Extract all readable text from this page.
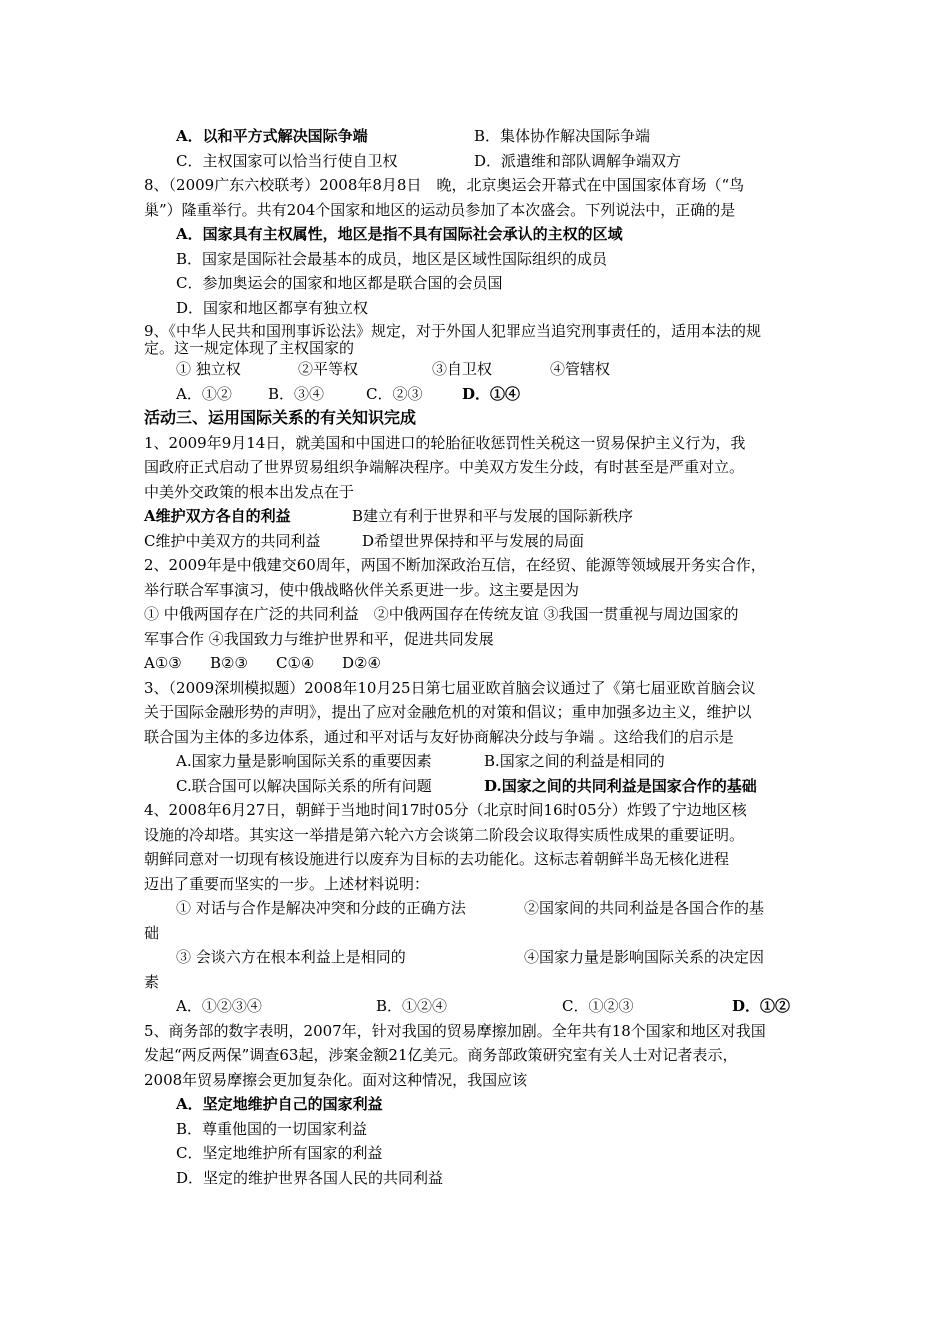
A．以和平方式解决国际争端	B．集体协作解决国际争端
C．主权国家可以恰当行使自卫权	D．派遣维和部队调解争端双方
8、（2009广东六校联考）2008年8月8日　晚，北京奥运会开幕式在中国国家体育场（“鸟
巢”）隆重举行。共有204个国家和地区的运动员参加了本次盛会。下列说法中，正确的是
A．国家具有主权属性，地区是指不具有国际社会承认的主权的区域
B．国家是国际社会最基本的成员，地区是区域性国际组织的成员
C．参加奥运会的国家和地区都是联合国的会员国
D．国家和地区都享有独立权
9、《中华人民共和国刑事诉讼法》规定，对于外国人犯罪应当追究刑事责任的，适用本法的规
定。这一规定体现了主权国家的
① 独立权	②平等权	③自卫权	④管辖权
A．①②	B．③④	C．②③	D．①④
活动三、运用国际关系的有关知识完成
1、2009年9月14日，就美国和中国进口的轮胎征收惩罚性关税这一贸易保护主义行为，我
国政府正式启动了世界贸易组织争端解决程序。中美双方发生分歧，有时甚至是严重对立。
中美外交政策的根本出发点在于
A维护双方各自的利益	B建立有利于世界和平与发展的国际新秩序
C维护中美双方的共同利益	D希望世界保持和平与发展的局面
2、2009年是中俄建交60周年，两国不断加深政治互信，在经贸、能源等领域展开务实合作，
举行联合军事演习，使中俄战略伙伴关系更进一步。这主要是因为
① 中俄两国存在广泛的共同利益　②中俄两国存在传统友谊 ③我国一贯重视与周边国家的
军事合作 ④我国致力与维护世界和平，促进共同发展
A①③ B②③ C①④ D②④
3、（2009深圳模拟题）2008年10月25日第七届亚欧首脑会议通过了《第七届亚欧首脑会议
关于国际金融形势的声明》，提出了应对金融危机的对策和倡议；重申加强多边主义，维护以
联合国为主体的多边体系，通过和平对话与友好协商解决分歧与争端 。这给我们的启示是
A.国家力量是影响国际关系的重要因素	B.国家之间的利益是相同的
C.联合国可以解决国际关系的所有问题	D.国家之间的共同利益是国家合作的基础
4、2008年6月27日，朝鲜于当地时间17时05分（北京时间16时05分）炸毁了宁边地区核
设施的冷却塔。其实这一举措是第六轮六方会谈第二阶段会议取得实质性成果的重要证明。
朝鲜同意对一切现有核设施进行以废弃为目标的去功能化。这标志着朝鲜半岛无核化进程
迈出了重要而坚实的一步。上述材料说明：
① 对话与合作是解决冲突和分歧的正确方法	②国家间的共同利益是各国合作的基
础
③ 会谈六方在根本利益上是相同的	④国家力量是影响国际关系的决定因
素
A．①②③④	B．①②④	C．①②③	D．①②
5、商务部的数字表明，2007年，针对我国的贸易摩擦加剧。全年共有18个国家和地区对我国
发起“两反两保”调查63起，涉案金额21亿美元。商务部政策研究室有关人士对记者表示，
2008年贸易摩擦会更加复杂化。面对这种情况，我国应该
A．坚定地维护自己的国家利益
B．尊重他国的一切国家利益
C．坚定地维护所有国家的利益
D．坚定的维护世界各国人民的共同利益
